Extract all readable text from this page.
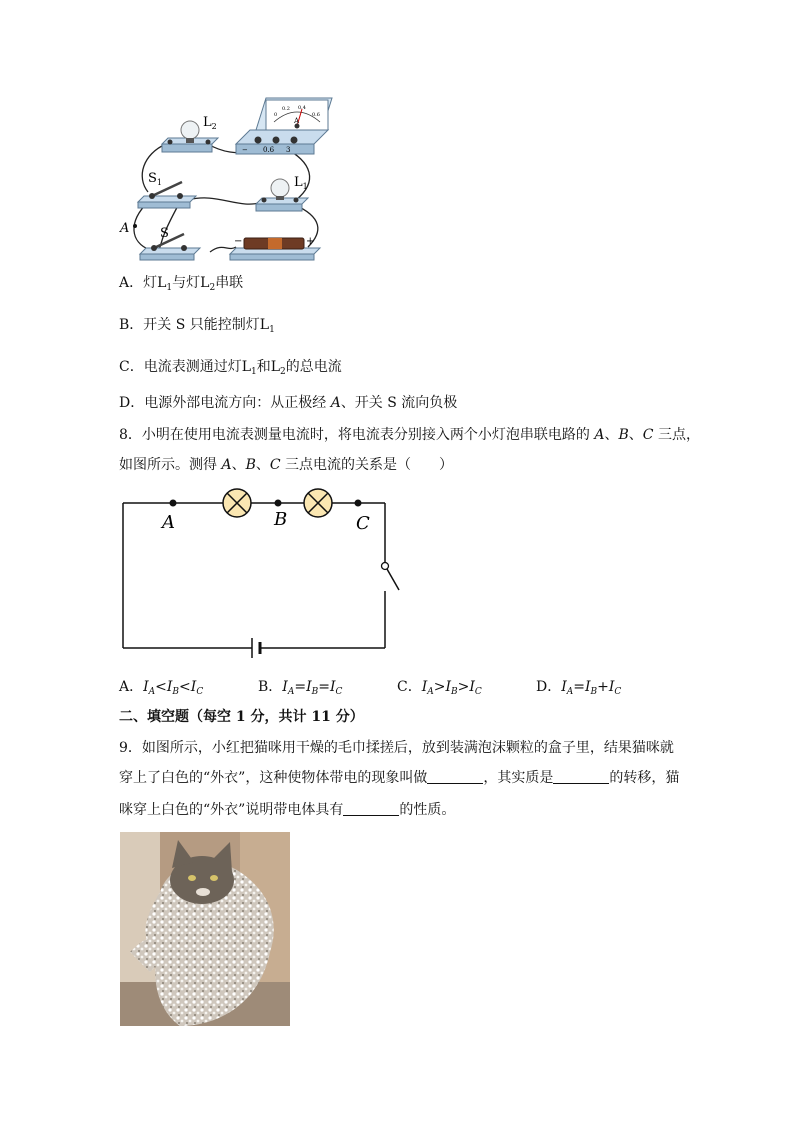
− 0.6 3
0
0.2 0.4
0.6
A
$L_2$
$S_1$	$L_1$
A S
−	+
A．灯$L_1$与灯$L_2$串联
B．开关 S 只能控制灯$L_1$
C．电流表测通过灯$L_1$和$L_2$的总电流
D．电源外部电流方向：从正极经 A、开关 S 流向负极
8．小明在使用电流表测量电流时，将电流表分别接入两个小灯泡串联电路的 A、B、C 三点，
如图所示。测得 A、B、C 三点电流的关系是（　　）
A	B	C
A．$I_A<I_B<I_C$	B．$I_A=I_B=I_C$	C．$I_A>I_B>I_C$	D．$I_A=I_B+I_C$
二、填空题（每空 1 分，共计 11 分）
9．如图所示，小红把猫咪用干燥的毛巾揉搓后，放到装满泡沫颗粒的盒子里，结果猫咪就
穿上了白色的“外衣”，这种使物体带电的现象叫做	，其实质是	的转移，猫
咪穿上白色的“外衣”说明带电体具有	的性质。
